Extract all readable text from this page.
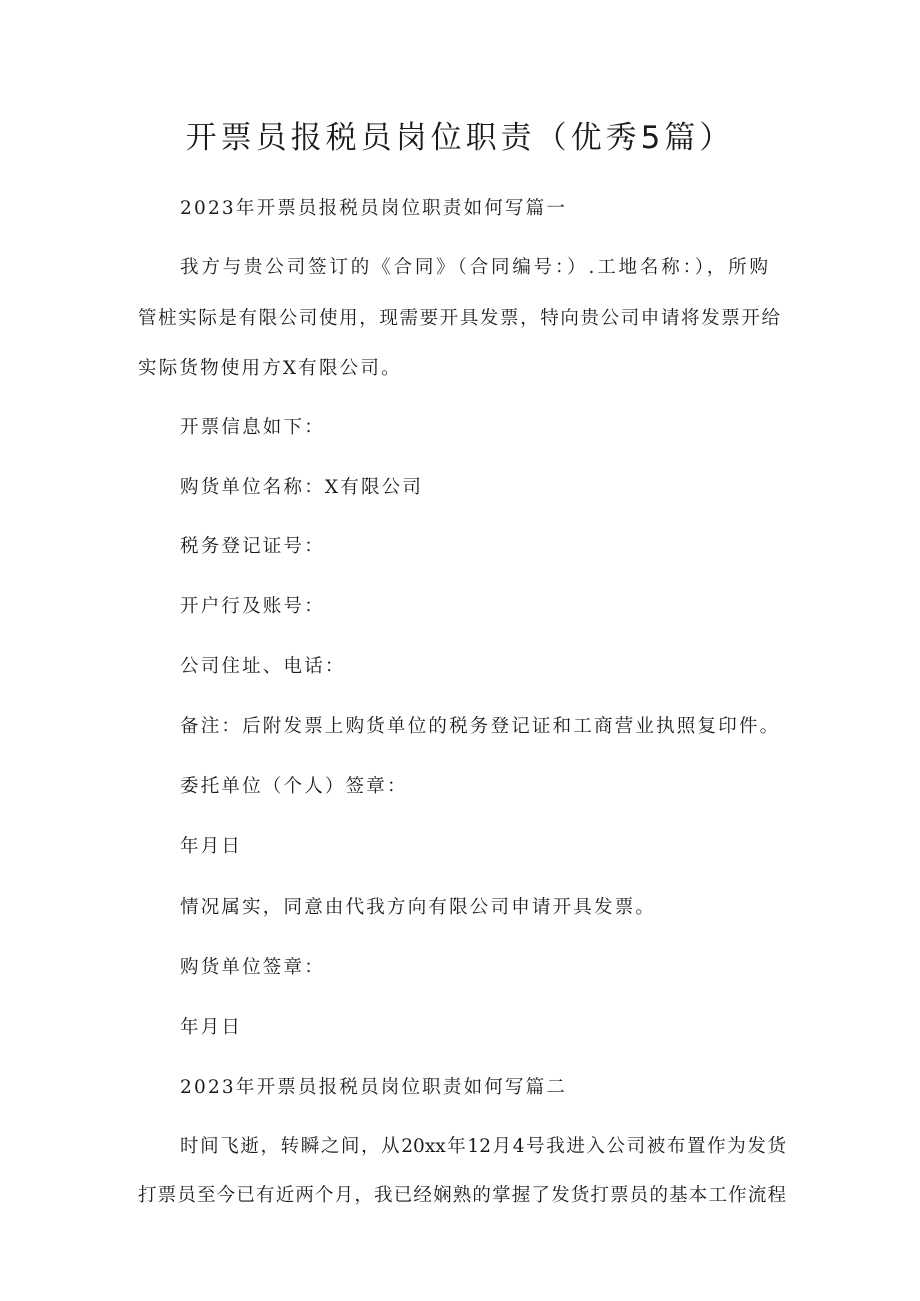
开票员报税员岗位职责（优秀5篇）

2023年开票员报税员岗位职责如何写篇一

我方与贵公司签订的《合同》（合同编号：）.工地名称：），所购

管桩实际是有限公司使用，现需要开具发票，特向贵公司申请将发票开给

实际货物使用方X有限公司。

开票信息如下：

购货单位名称：X有限公司

税务登记证号：

开户行及账号：

公司住址、电话：

备注：后附发票上购货单位的税务登记证和工商营业执照复印件。

委托单位（个人）签章：

年月日

情况属实，同意由代我方向有限公司申请开具发票。

购货单位签章：

年月日

2023年开票员报税员岗位职责如何写篇二

时间飞逝，转瞬之间，从20xx年12月4号我进入公司被布置作为发货

打票员至今已有近两个月，我已经娴熟的掌握了发货打票员的基本工作流程
